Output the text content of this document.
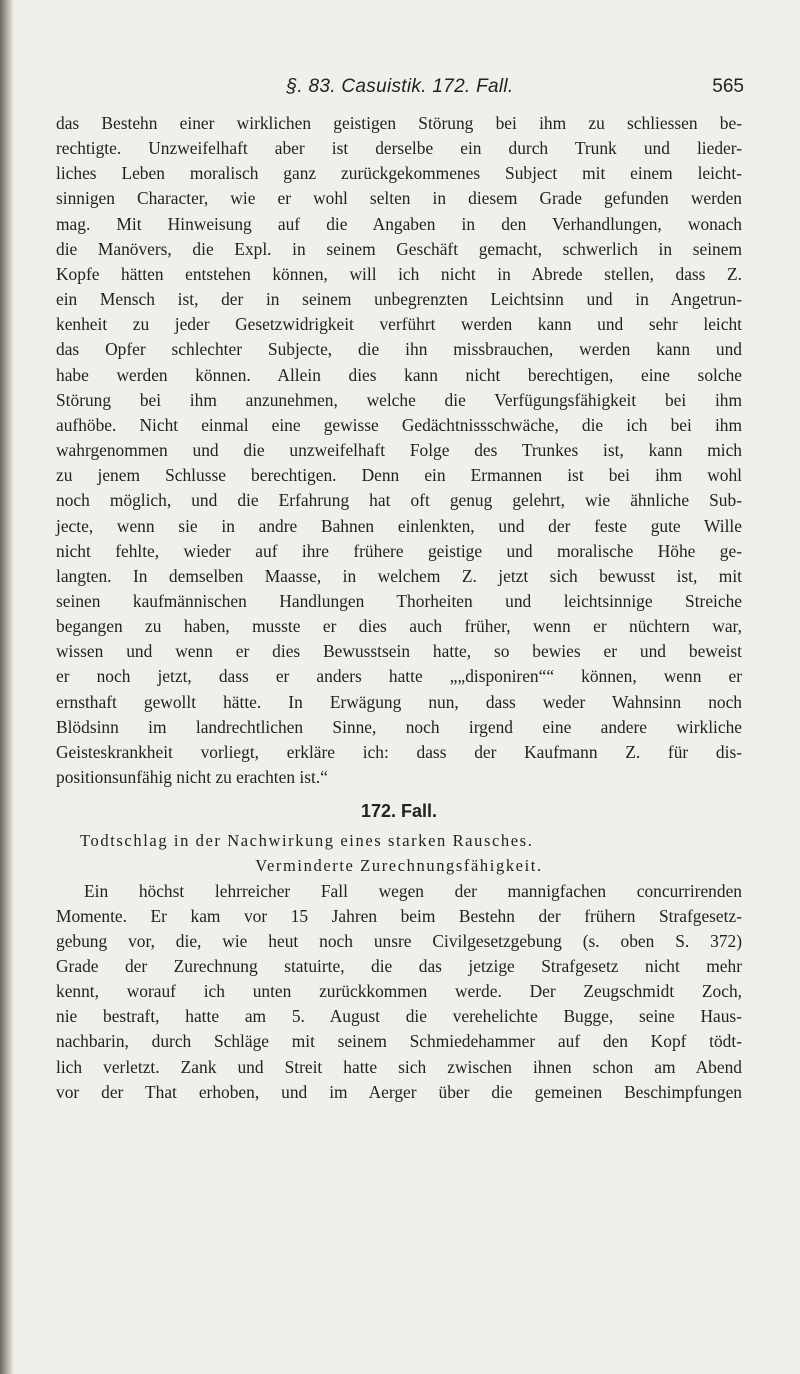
§. 83. Casuistik. 172. Fall.	565
das Bestehn einer wirklichen geistigen Störung bei ihm zu schliessen be-
rechtigte. Unzweifelhaft aber ist derselbe ein durch Trunk und lieder-
liches Leben moralisch ganz zurückgekommenes Subject mit einem leicht-
sinnigen Character, wie er wohl selten in diesem Grade gefunden werden
mag. Mit Hinweisung auf die Angaben in den Verhandlungen, wonach
die Manövers, die Expl. in seinem Geschäft gemacht, schwerlich in seinem
Kopfe hätten entstehen können, will ich nicht in Abrede stellen, dass Z.
ein Mensch ist, der in seinem unbegrenzten Leichtsinn und in Angetrun-
kenheit zu jeder Gesetzwidrigkeit verführt werden kann und sehr leicht
das Opfer schlechter Subjecte, die ihn missbrauchen, werden kann und
habe werden können. Allein dies kann nicht berechtigen, eine solche
Störung bei ihm anzunehmen, welche die Verfügungsfähigkeit bei ihm
aufhöbe. Nicht einmal eine gewisse Gedächtnissschwäche, die ich bei ihm
wahrgenommen und die unzweifelhaft Folge des Trunkes ist, kann mich
zu jenem Schlusse berechtigen. Denn ein Ermannen ist bei ihm wohl
noch möglich, und die Erfahrung hat oft genug gelehrt, wie ähnliche Sub-
jecte, wenn sie in andre Bahnen einlenkten, und der feste gute Wille
nicht fehlte, wieder auf ihre frühere geistige und moralische Höhe ge-
langten. In demselben Maasse, in welchem Z. jetzt sich bewusst ist, mit
seinen kaufmännischen Handlungen Thorheiten und leichtsinnige Streiche
begangen zu haben, musste er dies auch früher, wenn er nüchtern war,
wissen und wenn er dies Bewusstsein hatte, so bewies er und beweist
er noch jetzt, dass er anders hatte „„disponiren““ können, wenn er
ernsthaft gewollt hätte. In Erwägung nun, dass weder Wahnsinn noch
Blödsinn im landrechtlichen Sinne, noch irgend eine andere wirkliche
Geisteskrankheit vorliegt, erkläre ich: dass der Kaufmann Z. für dis-
positionsunfähig nicht zu erachten ist.“
172. Fall.
Todtschlag in der Nachwirkung eines starken Rausches.
Verminderte Zurechnungsfähigkeit.
Ein höchst lehrreicher Fall wegen der mannigfachen concurrirenden
Momente. Er kam vor 15 Jahren beim Bestehn der frühern Strafgesetz-
gebung vor, die, wie heut noch unsre Civilgesetzgebung (s. oben S. 372)
Grade der Zurechnung statuirte, die das jetzige Strafgesetz nicht mehr
kennt, worauf ich unten zurückkommen werde. Der Zeugschmidt Zoch,
nie bestraft, hatte am 5. August die verehelichte Bugge, seine Haus-
nachbarin, durch Schläge mit seinem Schmiedehammer auf den Kopf tödt-
lich verletzt. Zank und Streit hatte sich zwischen ihnen schon am Abend
vor der That erhoben, und im Aerger über die gemeinen Beschimpfungen
